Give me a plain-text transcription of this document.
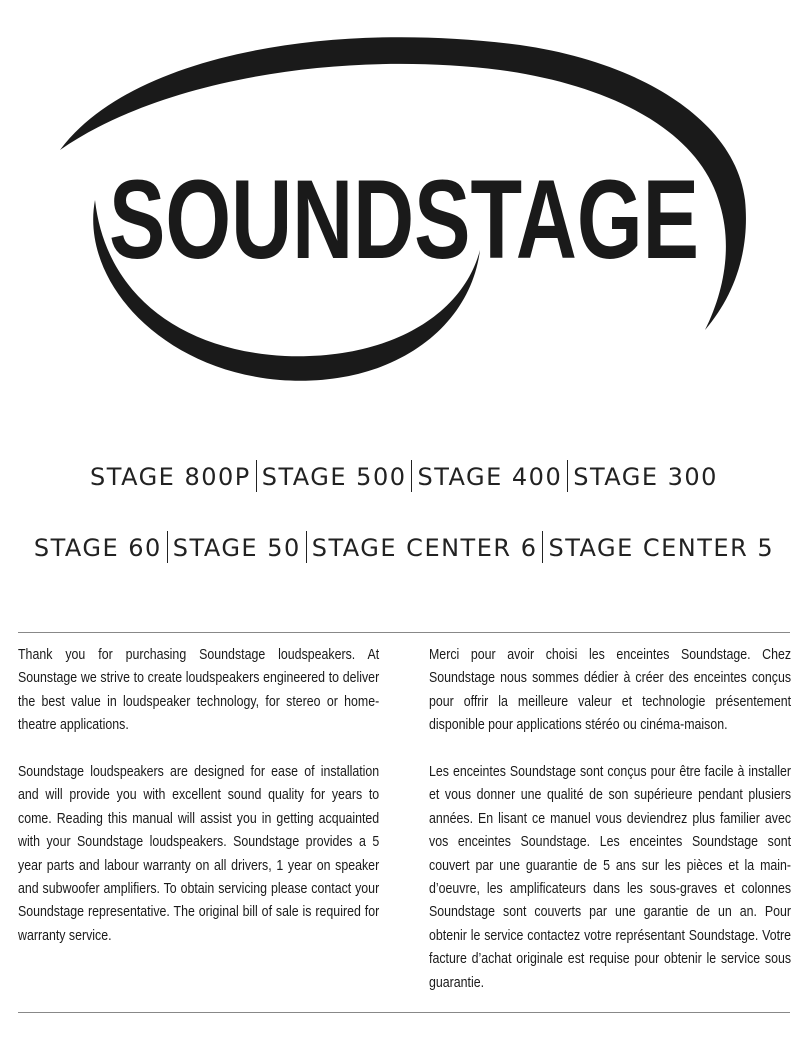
SOUNDSTAGE
STAGE 800P STAGE 500 STAGE 400 STAGE 300
STAGE 60 STAGE 50 STAGE CENTER 6 STAGE CENTER 5

Thank you for purchasing Soundstage loudspeakers. At Sounstage we strive to create loudspeakers engineered to deliver the best value in loudspeaker technology, for stereo or home-theatre applications.

Soundstage loudspeakers are designed for ease of installation and will provide you with excellent sound quality for years to come. Reading this manual will assist you in getting acquainted with your Soundstage loudspeakers. Soundstage provides a 5 year parts and labour warranty on all drivers, 1 year on speaker and subwoofer amplifiers. To obtain servicing please contact your Soundstage representative. The original bill of sale is required for warranty service.

Merci pour avoir choisi les enceintes Soundstage. Chez Soundstage nous sommes dédier à créer des enceintes conçus pour offrir la meilleure valeur et technologie présentement disponible pour applications stéréo ou cinéma-maison.

Les enceintes Soundstage sont conçus pour être facile à installer et vous donner une qualité de son supérieure pendant plusiers années. En lisant ce manuel vous deviendrez plus familier avec vos enceintes Soundstage. Les enceintes Soundstage sont couvert par une guarantie de 5 ans sur les pièces et la main-d’oeuvre, les amplificateurs dans les sous-graves et colonnes Soundstage sont couverts par une garantie de un an. Pour obtenir le service contactez votre représentant Soundstage. Votre facture d’achat originale est requise pour obtenir le service sous guarantie.
